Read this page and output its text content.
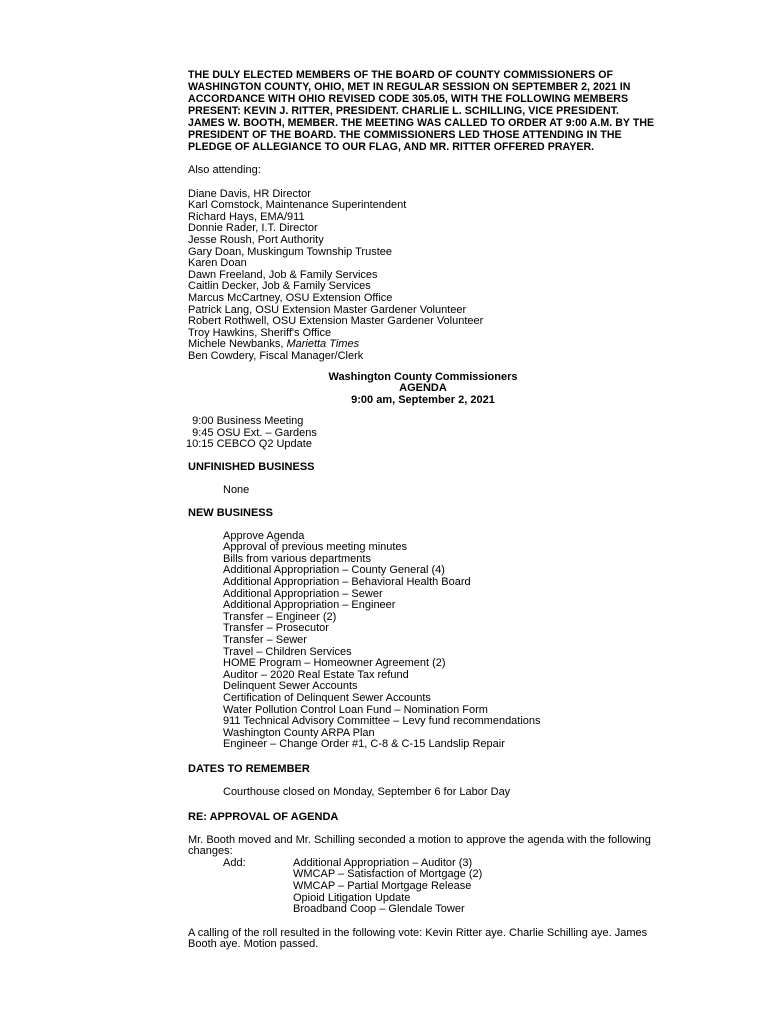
THE DULY ELECTED MEMBERS OF THE BOARD OF COUNTY COMMISSIONERS OF WASHINGTON COUNTY, OHIO, MET IN REGULAR SESSION ON SEPTEMBER 2, 2021 IN ACCORDANCE WITH OHIO REVISED CODE 305.05, WITH THE FOLLOWING MEMBERS PRESENT: KEVIN J. RITTER, PRESIDENT. CHARLIE L. SCHILLING, VICE PRESIDENT. JAMES W. BOOTH, MEMBER. THE MEETING WAS CALLED TO ORDER AT 9:00 A.M. BY THE PRESIDENT OF THE BOARD. THE COMMISSIONERS LED THOSE ATTENDING IN THE PLEDGE OF ALLEGIANCE TO OUR FLAG, AND MR. RITTER OFFERED PRAYER.

Also attending:
Diane Davis, HR Director
Karl Comstock, Maintenance Superintendent
Richard Hays, EMA/911
Donnie Rader, I.T. Director
Jesse Roush, Port Authority
Gary Doan, Muskingum Township Trustee
Karen Doan
Dawn Freeland, Job & Family Services
Caitlin Decker, Job & Family Services
Marcus McCartney, OSU Extension Office
Patrick Lang, OSU Extension Master Gardener Volunteer
Robert Rothwell, OSU Extension Master Gardener Volunteer
Troy Hawkins, Sheriff's Office
Michele Newbanks, Marietta Times
Ben Cowdery, Fiscal Manager/Clerk
Washington County Commissioners
AGENDA
9:00 am, September 2, 2021
9:00 Business Meeting
9:45 OSU Ext. – Gardens
10:15 CEBCO Q2 Update
UNFINISHED BUSINESS
None
NEW BUSINESS
Approve Agenda
Approval of previous meeting minutes
Bills from various departments
Additional Appropriation – County General (4)
Additional Appropriation – Behavioral Health Board
Additional Appropriation – Sewer
Additional Appropriation – Engineer
Transfer – Engineer (2)
Transfer – Prosecutor
Transfer – Sewer
Travel – Children Services
HOME Program – Homeowner Agreement (2)
Auditor – 2020 Real Estate Tax refund
Delinquent Sewer Accounts
Certification of Delinquent Sewer Accounts
Water Pollution Control Loan Fund – Nomination Form
911 Technical Advisory Committee – Levy fund recommendations
Washington County ARPA Plan
Engineer – Change Order #1, C-8 & C-15 Landslip Repair
DATES TO REMEMBER
Courthouse closed on Monday, September 6 for Labor Day
RE: APPROVAL OF AGENDA
Mr. Booth moved and Mr. Schilling seconded a motion to approve the agenda with the following changes:
Add:	Additional Appropriation – Auditor (3)
WMCAP – Satisfaction of Mortgage (2)
WMCAP – Partial Mortgage Release
Opioid Litigation Update
Broadband Coop – Glendale Tower
A calling of the roll resulted in the following vote: Kevin Ritter aye. Charlie Schilling aye. James Booth aye. Motion passed.
